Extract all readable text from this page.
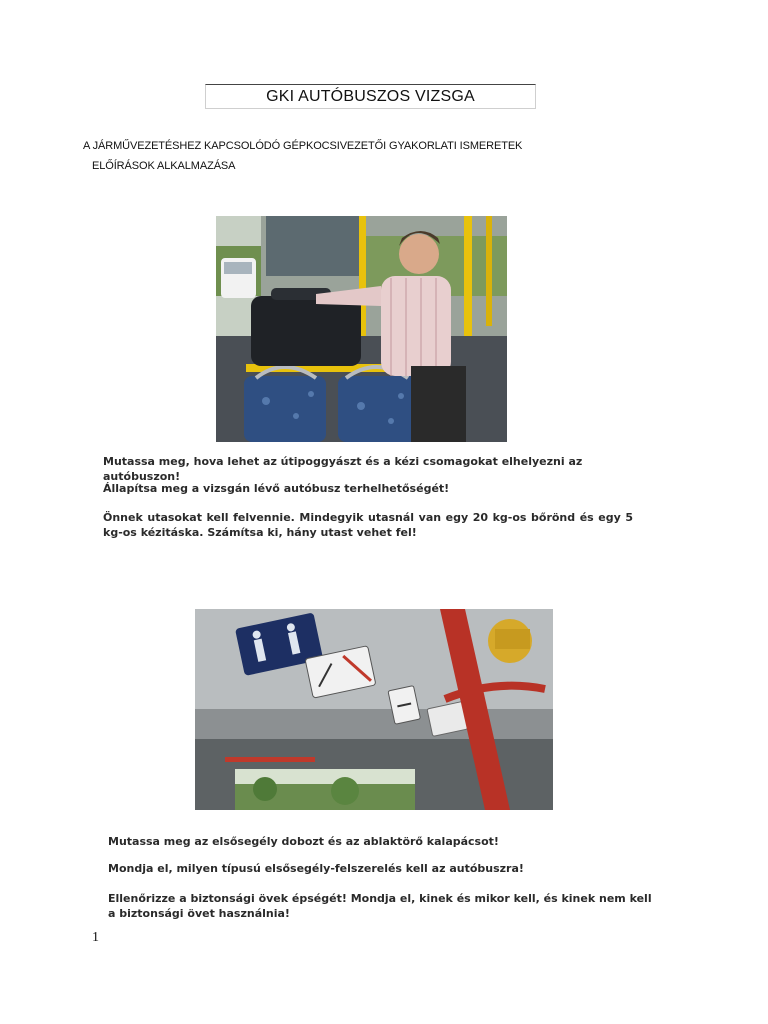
GKI AUTÓBUSZOS VIZSGA
A JÁRMŰVEZETÉSHEZ KAPCSOLÓDÓ GÉPKOCSIVEZETŐI GYAKORLATI ISMERETEK
ELŐÍRÁSOK ALKALMAZÁSA
Mutassa meg, hova lehet az útipoggyászt és a kézi csomagokat elhelyezni az autóbuszon!
Állapítsa meg a vizsgán lévő autóbusz terhelhetőségét!
Önnek utasokat kell felvennie. Mindegyik utasnál van egy 20 kg-os bőrönd és egy 5 kg-os kézitáska. Számítsa ki, hány utast vehet fel!
Mutassa meg az elsősegély dobozt és az ablaktörő kalapácsot!
Mondja el, milyen típusú elsősegély-felszerelés kell az autóbuszra!
Ellenőrizze a biztonsági övek épségét! Mondja el, kinek és mikor kell, és kinek nem kell a biztonsági övet használnia!
1
